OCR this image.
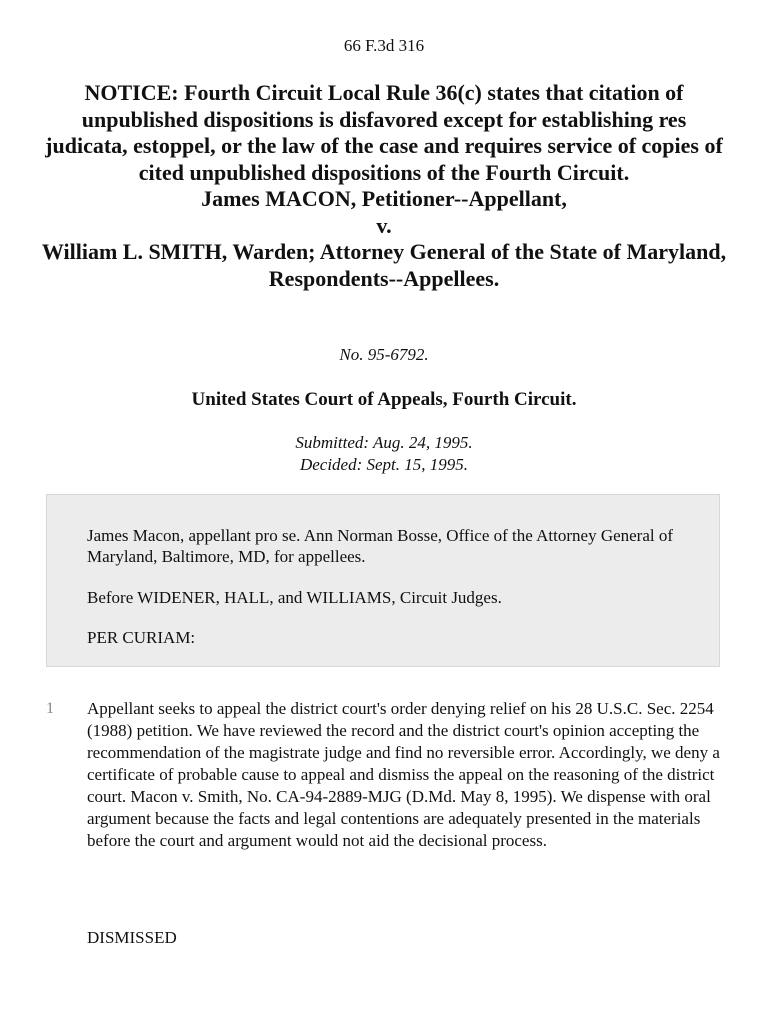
66 F.3d 316
NOTICE: Fourth Circuit Local Rule 36(c) states that citation of unpublished dispositions is disfavored except for establishing res judicata, estoppel, or the law of the case and requires service of copies of cited unpublished dispositions of the Fourth Circuit.
James MACON, Petitioner--Appellant,
v.
William L. SMITH, Warden; Attorney General of the State of Maryland, Respondents--Appellees.
No. 95-6792.
United States Court of Appeals, Fourth Circuit.
Submitted: Aug. 24, 1995.
Decided: Sept. 15, 1995.

James Macon, appellant pro se. Ann Norman Bosse, Office of the Attorney General of Maryland, Baltimore, MD, for appellees.

Before WIDENER, HALL, and WILLIAMS, Circuit Judges.

PER CURIAM:

1 Appellant seeks to appeal the district court's order denying relief on his 28 U.S.C. Sec. 2254 (1988) petition. We have reviewed the record and the district court's opinion accepting the recommendation of the magistrate judge and find no reversible error. Accordingly, we deny a certificate of probable cause to appeal and dismiss the appeal on the reasoning of the district court. Macon v. Smith, No. CA-94-2889-MJG (D.Md. May 8, 1995). We dispense with oral argument because the facts and legal contentions are adequately presented in the materials before the court and argument would not aid the decisional process.

DISMISSED
